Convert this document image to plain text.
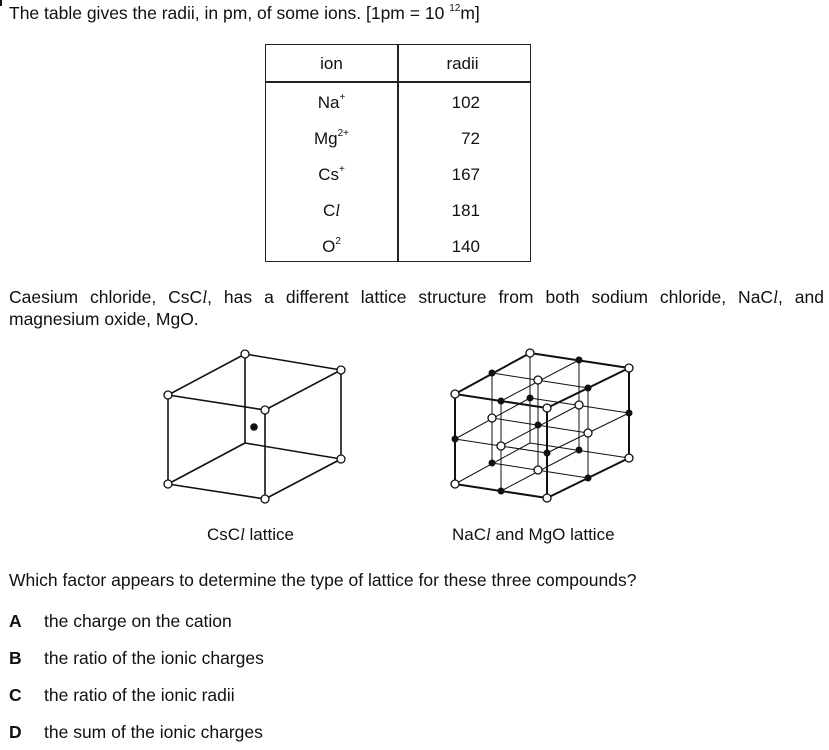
The table gives the radii, in pm, of some ions. [1pm = 10 $^{12}$m]
ion	radii
Na+	102
$Mg^{2+}$	72
Cs+	167
Cl	181
$O^2$	140
Caesium chloride, CsCl, has a different lattice structure from both sodium chloride, NaCl, and magnesium oxide, MgO.
CsCl lattice	NaCl and MgO lattice
Which factor appears to determine the type of lattice for these three compounds?
A the charge on the cation
B the ratio of the ionic charges
C the ratio of the ionic radii
D the sum of the ionic charges
